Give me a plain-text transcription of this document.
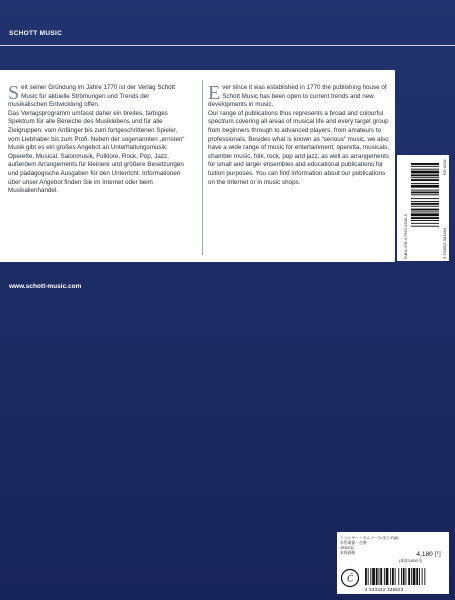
SCHOTT MUSIC

Seit seiner Gründung im Jahre 1770 ist der Verlag Schott Music für aktuelle Strömungen und Trends der musikalischen Entwicklung offen.

Das Verlagsprogramm umfasst daher ein breites, farbiges Spektrum für alle Bereiche des Musiklebens und für alle Zielgruppen: vom Anfänger bis zum fortgeschrittenen Spieler, vom Liebhaber bis zum Profi. Neben der sogenannten „ernsten“ Musik gibt es ein großes Angebot an Unterhaltungsmusik: Operette, Musical, Salonmusik, Folklore, Rock, Pop, Jazz, außerdem Arrangements für kleinere und größere Besetzungen und pädagogische Ausgaben für den Unterricht. Informationen über unser Angebot finden Sie im Internet oder beim Musikalienhandel.

Ever since it was established in 1770 the publishing house of Schott Music has been open to current trends and new developments in music.

Our range of publications thus represents a broad and colourful spectrum covering all areas of musical life and every target group from beginners through to advanced players, from amateurs to professionals. Besides what is known as “serious” music, we also have a wide range of music for entertainment: operetta, musicals, chamber music, folk, rock, pop and jazz, as well as arrangements for small and larger ensembles and educational publications for tuition purposes. You can find information about our publications on the Internet or in music shops.

ISBN 978-3-7957-5345-3	9 790001 083454
ED 9104
www.schott-music.com
ラッシャー・ヨムノール/まとめ(5)
木管楽器・合奏
JRS/ED
本体価格	4,180 円
(本体3,800円)
Ć
4 533442 338823
